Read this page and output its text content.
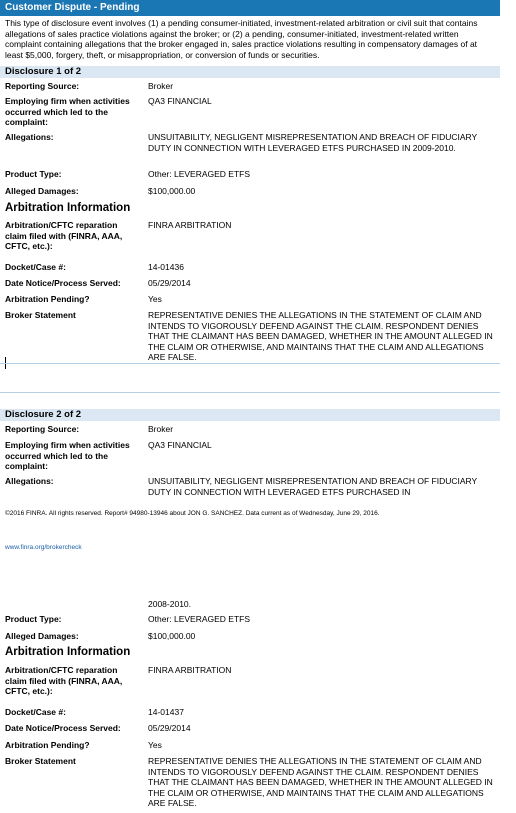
Customer Dispute - Pending
This type of disclosure event involves (1) a pending consumer-initiated, investment-related arbitration or civil suit that contains allegations of sales practice violations against the broker; or (2) a pending, consumer-initiated, investment-related written complaint containing allegations that the broker engaged in, sales practice violations resulting in compensatory damages of at least $5,000, forgery, theft, or misappropriation, or conversion of funds or securities.
Disclosure 1 of 2
Reporting Source:	Broker
Employing firm when activities occurred which led to the complaint:
QA3 FINANCIAL
Allegations:	UNSUITABILITY, NEGLIGENT MISREPRESENTATION AND BREACH OF FIDUCIARY DUTY IN CONNECTION WITH LEVERAGED ETFS PURCHASED IN 2009-2010.
Product Type:	Other: LEVERAGED ETFS
Alleged Damages:	$100,000.00
Arbitration Information
Arbitration/CFTC reparation claim filed with (FINRA, AAA, CFTC, etc.):
FINRA ARBITRATION
Docket/Case #:	14-01436
Date Notice/Process Served:	05/29/2014
Arbitration Pending?	Yes
Broker Statement	REPRESENTATIVE DENIES THE ALLEGATIONS IN THE STATEMENT OF CLAIM AND INTENDS TO VIGOROUSLY DEFEND AGAINST THE CLAIM. RESPONDENT DENIES THAT THE CLAIMANT HAS BEEN DAMAGED, WHETHER IN THE AMOUNT ALLEGED IN THE CLAIM OR OTHERWISE, AND MAINTAINS THAT THE CLAIM AND ALLEGATIONS ARE FALSE.
Disclosure 2 of 2
Reporting Source:	Broker
Employing firm when activities occurred which led to the complaint:
QA3 FINANCIAL
Allegations:	UNSUITABILITY, NEGLIGENT MISREPRESENTATION AND BREACH OF FIDUCIARY DUTY IN CONNECTION WITH LEVERAGED ETFS PURCHASED IN
©2016 FINRA. All rights reserved. Report# 94980-13946 about JON G. SANCHEZ. Data current as of Wednesday, June 29, 2016.
www.finra.org/brokercheck
2008-2010.
Product Type:	Other: LEVERAGED ETFS
Alleged Damages:	$100,000.00
Arbitration Information
Arbitration/CFTC reparation claim filed with (FINRA, AAA, CFTC, etc.):
FINRA ARBITRATION
Docket/Case #:	14-01437
Date Notice/Process Served:	05/29/2014
Arbitration Pending?	Yes
Broker Statement	REPRESENTATIVE DENIES THE ALLEGATIONS IN THE STATEMENT OF CLAIM AND INTENDS TO VIGOROUSLY DEFEND AGAINST THE CLAIM. RESPONDENT DENIES THAT THE CLAIMANT HAS BEEN DAMAGED, WHETHER IN THE AMOUNT ALLEGED IN THE CLAIM OR OTHERWISE, AND MAINTAINS THAT THE CLAIM AND ALLEGATIONS ARE FALSE.
